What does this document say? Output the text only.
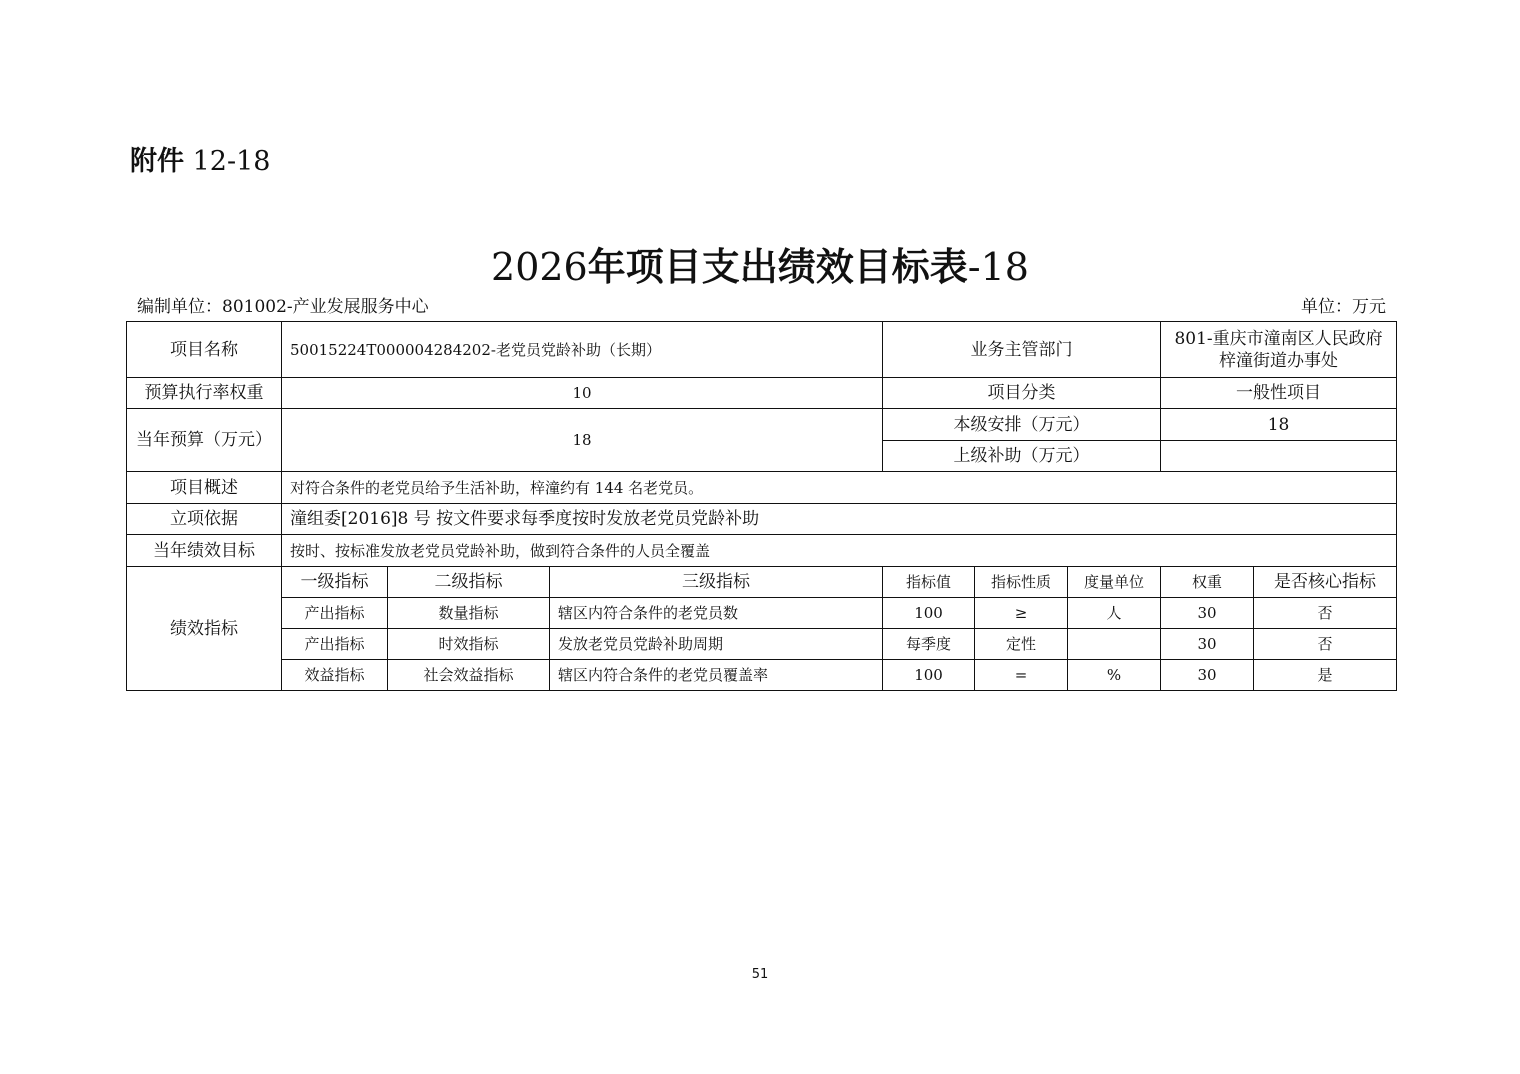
附件 12-18
2026年项目支出绩效目标表-18
编制单位：801002-产业发展服务中心	单位：万元
项目名称	50015224T000004284202-老党员党龄补助（长期）			业务主管部门			801-重庆市潼南区人民政府梓潼街道办事处	
预算执行率权重	10			项目分类			一般性项目	
当年预算（万元）	18			本级安排（万元）			18	
				上级补助（万元）				
项目概述	对符合条件的老党员给予生活补助，梓潼约有 144 名老党员。							
立项依据	潼组委[2016]8 号 按文件要求每季度按时发放老党员党龄补助							
当年绩效目标	按时、按标准发放老党员党龄补助，做到符合条件的人员全覆盖							
绩效指标	一级指标	二级指标	三级指标	指标值	指标性质	度量单位	权重	是否核心指标
	产出指标	数量指标	辖区内符合条件的老党员数	100	≥	人	30	否
	产出指标	时效指标	发放老党员党龄补助周期	每季度	定性		30	否
	效益指标	社会效益指标	辖区内符合条件的老党员覆盖率	100	=	%	30	是
51
